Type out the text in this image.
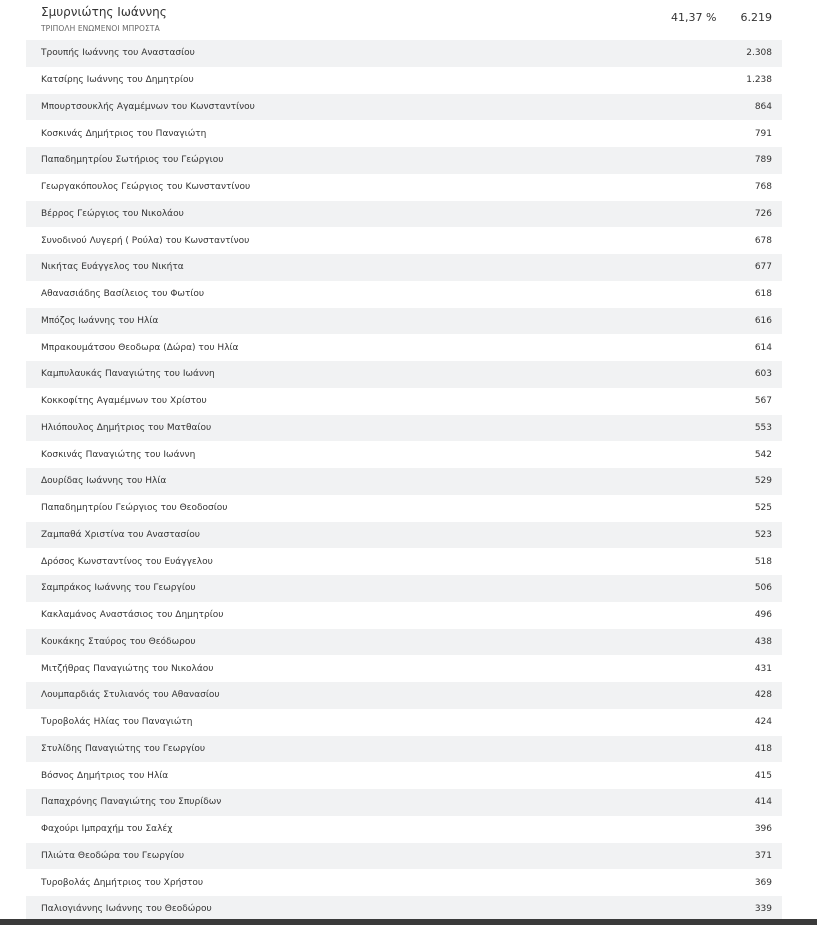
Σμυρνιώτης Ιωάννης
ΤΡΙΠΟΛΗ ΕΝΩΜΕΝΟΙ ΜΠΡΟΣΤΑ
41,37 % 6.219
Τρουπής Ιωάννης του Αναστασίου	2.308
Κατσίρης Ιωάννης του Δημητρίου	1.238
Μπουρτσουκλής Αγαμέμνων του Κωνσταντίνου	864
Κοσκινάς Δημήτριος του Παναγιώτη	791
Παπαδημητρίου Σωτήριος του Γεώργιου	789
Γεωργακόπουλος Γεώργιος του Κωνσταντίνου	768
Βέρρος Γεώργιος του Νικολάου	726
Συνοδινού Λυγερή ( Ρούλα) του Κωνσταντίνου	678
Νικήτας Ευάγγελος του Νικήτα	677
Αθανασιάδης Βασίλειος του Φωτίου	618
Μπόζος Ιωάννης του Ηλία	616
Μπρακουμάτσου Θεοδωρα (Δώρα) του Ηλία	614
Καμπυλαυκάς Παναγιώτης του Ιωάννη	603
Κοκκοφίτης Αγαμέμνων του Χρίστου	567
Ηλιόπουλος Δημήτριος του Ματθαίου	553
Κοσκινάς Παναγιώτης του Ιωάννη	542
Δουρίδας Ιωάννης του Ηλία	529
Παπαδημητρίου Γεώργιος του Θεοδοσίου	525
Ζαμπαθά Χριστίνα του Αναστασίου	523
Δρόσος Κωνσταντίνος του Ευάγγελου	518
Σαμπράκος Ιωάννης του Γεωργίου	506
Κακλαμάνος Αναστάσιος του Δημητρίου	496
Κουκάκης Σταύρος του Θεόδωρου	438
Μιτζήθρας Παναγιώτης του Νικολάου	431
Λουμπαρδιάς Στυλιανός του Αθανασίου	428
Τυροβολάς Ηλίας του Παναγιώτη	424
Στυλίδης Παναγιώτης του Γεωργίου	418
Βόσνος Δημήτριος του Ηλία	415
Παπαχρόνης Παναγιώτης του Σπυρίδων	414
Φαχούρι Ιμπραχήμ του Σαλέχ	396
Πλιώτα Θεοδώρα του Γεωργίου	371
Τυροβολάς Δημήτριος του Χρήστου	369
Παλιογιάννης Ιωάννης του Θεοδώρου	339
